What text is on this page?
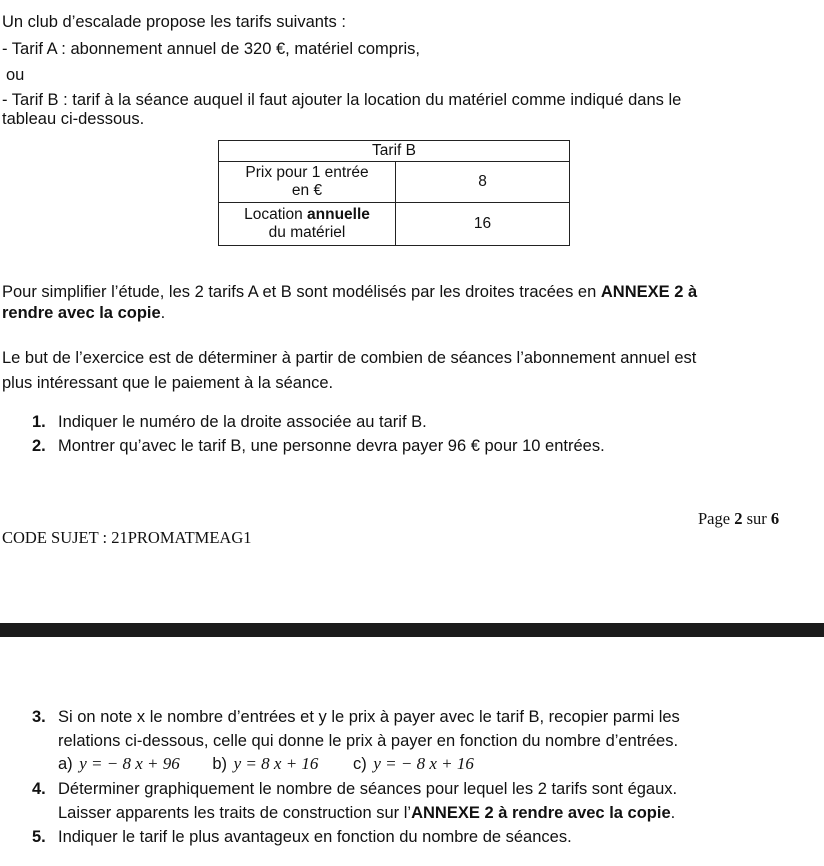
Un club d’escalade propose les tarifs suivants :
- Tarif A : abonnement annuel de 320 €, matériel compris,
ou
- Tarif B : tarif à la séance auquel il faut ajouter la location du matériel comme indiqué dans le
tableau ci-dessous.
Tarif B	

Prix pour 1 entrée
en €	8

Location annuelle
du matériel	16
Pour simplifier l’étude, les 2 tarifs A et B sont modélisés par les droites tracées en ANNEXE 2 à
rendre avec la copie.
Le but de l’exercice est de déterminer à partir de combien de séances l’abonnement annuel est
plus intéressant que le paiement à la séance.
1. Indiquer le numéro de la droite associée au tarif B.
2. Montrer qu’avec le tarif B, une personne devra payer 96 € pour 10 entrées.
Page 2 sur 6
CODE SUJET : 21PROMATMEAG1
3. Si on note x le nombre d’entrées et y le prix à payer avec le tarif B, recopier parmi les
relations ci-dessous, celle qui donne le prix à payer en fonction du nombre d’entrées.
a) y = − 8 x + 96 b) y = 8 x + 16 c) y = − 8 x + 16
4. Déterminer graphiquement le nombre de séances pour lequel les 2 tarifs sont égaux.
Laisser apparents les traits de construction sur l’ANNEXE 2 à rendre avec la copie.
5. Indiquer le tarif le plus avantageux en fonction du nombre de séances.
